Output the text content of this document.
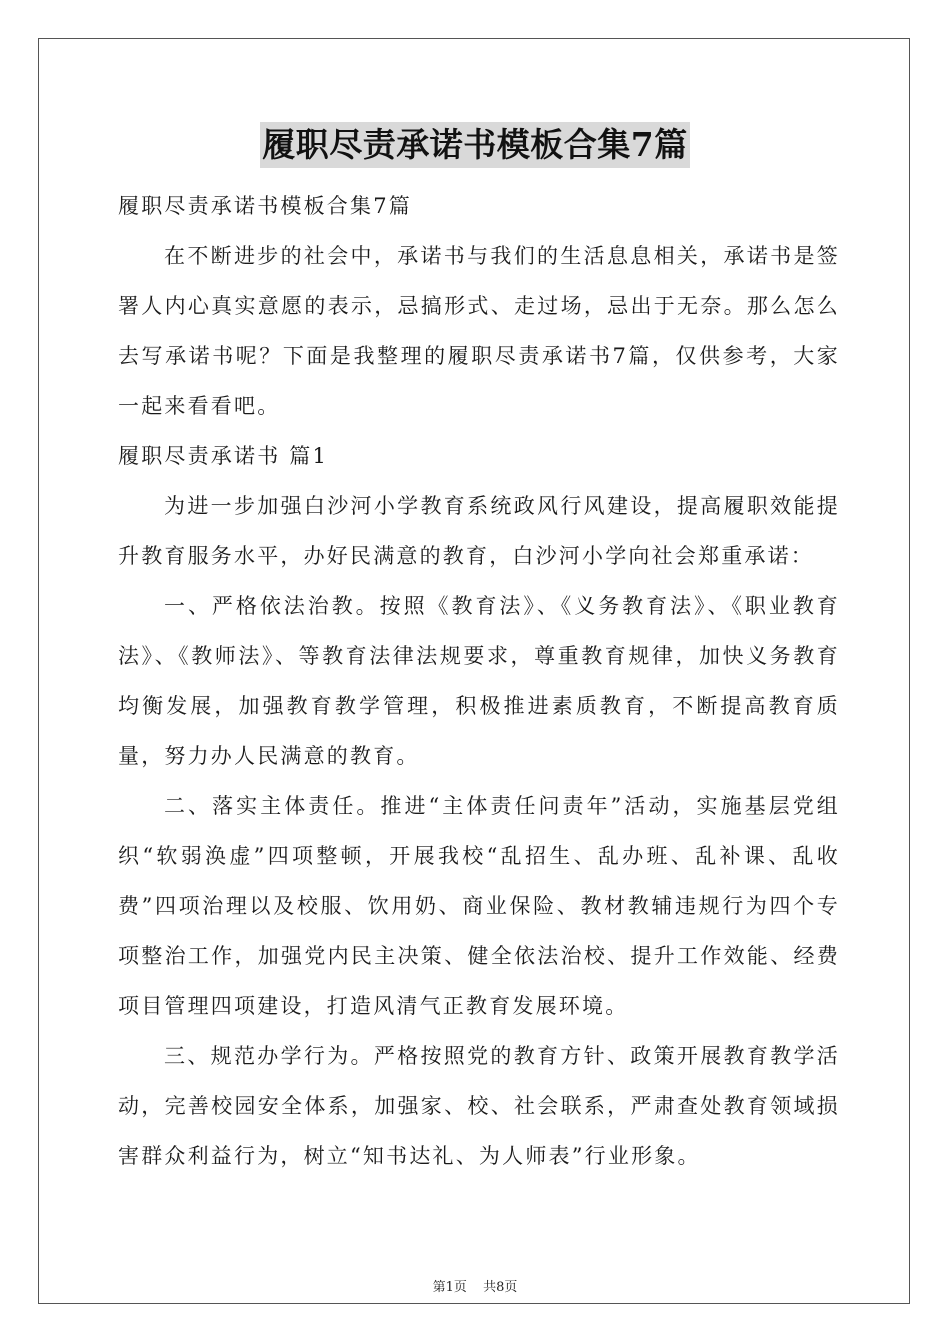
履职尽责承诺书模板合集7篇

履职尽责承诺书模板合集7篇

在不断进步的社会中，承诺书与我们的生活息息相关，承诺书是签署人内心真实意愿的表示，忌搞形式、走过场，忌出于无奈。那么怎么去写承诺书呢？下面是我整理的履职尽责承诺书7篇，仅供参考，大家一起来看看吧。

履职尽责承诺书 篇1

为进一步加强白沙河小学教育系统政风行风建设，提高履职效能提升教育服务水平，办好民满意的教育，白沙河小学向社会郑重承诺：

一、严格依法治教。按照《教育法》、《义务教育法》、《职业教育法》、《教师法》、等教育法律法规要求，尊重教育规律，加快义务教育均衡发展，加强教育教学管理，积极推进素质教育，不断提高教育质量，努力办人民满意的教育。

二、落实主体责任。推进“主体责任问责年”活动，实施基层党组织“软弱涣虚”四项整顿，开展我校“乱招生、乱办班、乱补课、乱收费”四项治理以及校服、饮用奶、商业保险、教材教辅违规行为四个专项整治工作，加强党内民主决策、健全依法治校、提升工作效能、经费项目管理四项建设，打造风清气正教育发展环境。

三、规范办学行为。严格按照党的教育方针、政策开展教育教学活动，完善校园安全体系，加强家、校、社会联系，严肃查处教育领域损害群众利益行为，树立“知书达礼、为人师表”行业形象。

第1页 共8页
